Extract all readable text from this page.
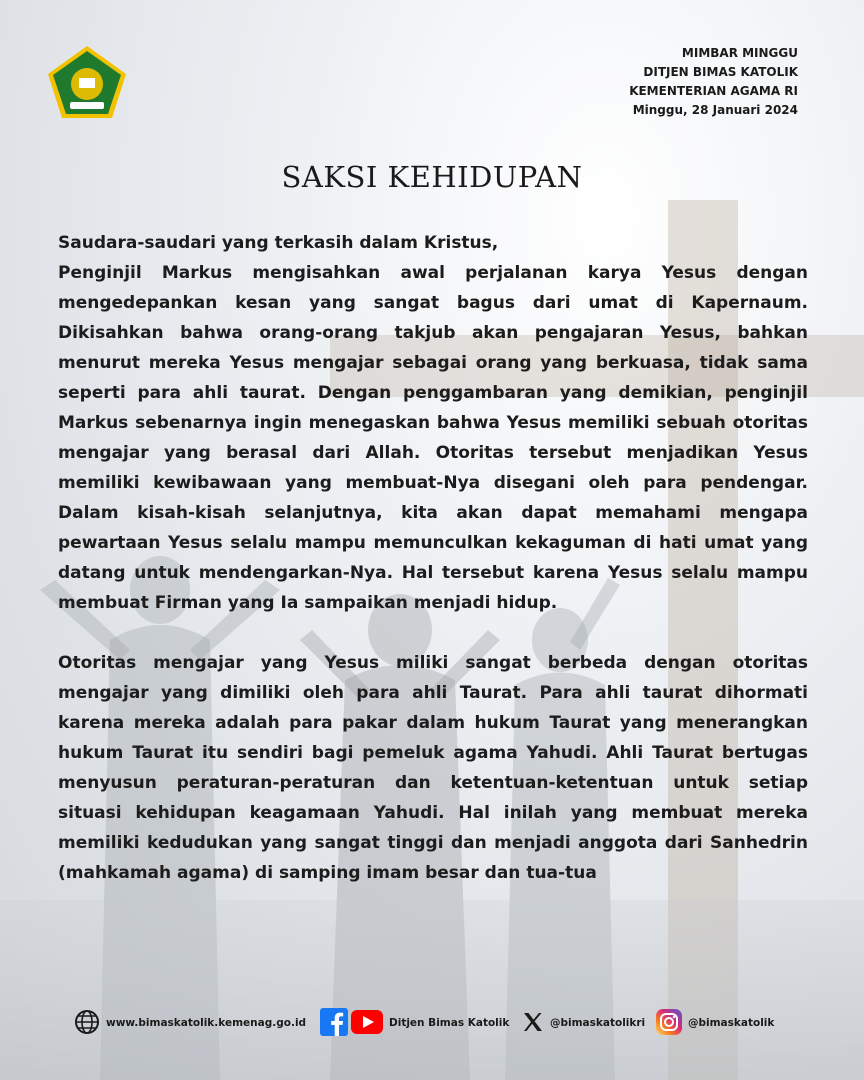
MIMBAR MINGGU
DITJEN BIMAS KATOLIK
KEMENTERIAN AGAMA RI
Minggu, 28 Januari 2024
SAKSI KEHIDUPAN

Saudara-saudari yang terkasih dalam Kristus,

Penginjil Markus mengisahkan awal perjalanan karya Yesus dengan mengedepankan kesan yang sangat bagus dari umat di Kapernaum. Dikisahkan bahwa orang-orang takjub akan pengajaran Yesus, bahkan menurut mereka Yesus mengajar sebagai orang yang berkuasa, tidak sama seperti para ahli taurat. Dengan penggambaran yang demikian, penginjil Markus sebenarnya ingin menegaskan bahwa Yesus memiliki sebuah otoritas mengajar yang berasal dari Allah. Otoritas tersebut menjadikan Yesus memiliki kewibawaan yang membuat-Nya disegani oleh para pendengar. Dalam kisah-kisah selanjutnya, kita akan dapat memahami mengapa pewartaan Yesus selalu mampu memunculkan kekaguman di hati umat yang datang untuk mendengarkan-Nya. Hal tersebut karena Yesus selalu mampu membuat Firman yang Ia sampaikan menjadi hidup.

Otoritas mengajar yang Yesus miliki sangat berbeda dengan otoritas mengajar yang dimiliki oleh para ahli Taurat. Para ahli taurat dihormati karena mereka adalah para pakar dalam hukum Taurat yang menerangkan hukum Taurat itu sendiri bagi pemeluk agama Yahudi. Ahli Taurat bertugas menyusun peraturan-peraturan dan ketentuan-ketentuan untuk setiap situasi kehidupan keagamaan Yahudi. Hal inilah yang membuat mereka memiliki kedudukan yang sangat tinggi dan menjadi anggota dari Sanhedrin (mahkamah agama) di samping imam besar dan tua-tua

www.bimaskatolik.kemenag.go.id	Ditjen Bimas Katolik	@bimaskatolikri	@bimaskatolik
